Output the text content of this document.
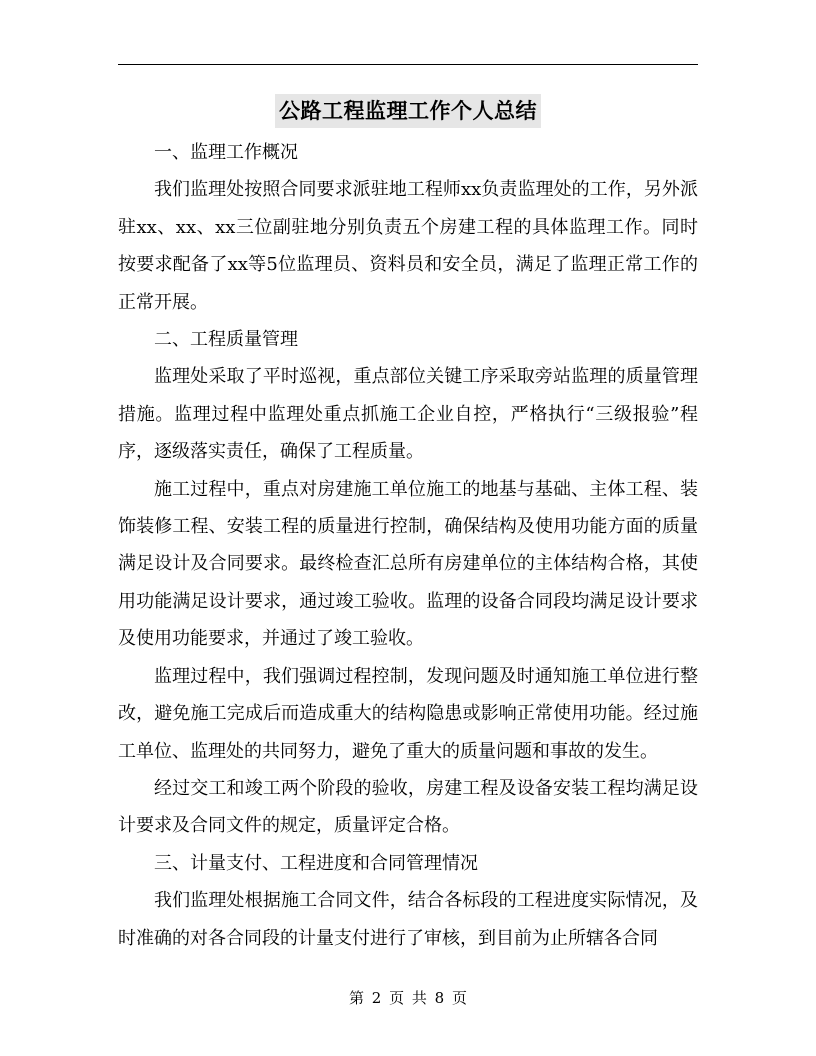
公路工程监理工作个人总结

一、监理工作概况

我们监理处按照合同要求派驻地工程师xx负责监理处的工作，另外派驻xx、xx、xx三位副驻地分别负责五个房建工程的具体监理工作。同时按要求配备了xx等5位监理员、资料员和安全员，满足了监理正常工作的正常开展。

二、工程质量管理

监理处采取了平时巡视，重点部位关键工序采取旁站监理的质量管理措施。监理过程中监理处重点抓施工企业自控，严格执行“三级报验”程序，逐级落实责任，确保了工程质量。

施工过程中，重点对房建施工单位施工的地基与基础、主体工程、装饰装修工程、安装工程的质量进行控制，确保结构及使用功能方面的质量满足设计及合同要求。最终检查汇总所有房建单位的主体结构合格，其使用功能满足设计要求，通过竣工验收。监理的设备合同段均满足设计要求及使用功能要求，并通过了竣工验收。

监理过程中，我们强调过程控制，发现问题及时通知施工单位进行整改，避免施工完成后而造成重大的结构隐患或影响正常使用功能。经过施工单位、监理处的共同努力，避免了重大的质量问题和事故的发生。

经过交工和竣工两个阶段的验收，房建工程及设备安装工程均满足设计要求及合同文件的规定，质量评定合格。

三、计量支付、工程进度和合同管理情况

我们监理处根据施工合同文件，结合各标段的工程进度实际情况，及时准确的对各合同段的计量支付进行了审核，到目前为止所辖各合同

第 2 页 共 8 页
